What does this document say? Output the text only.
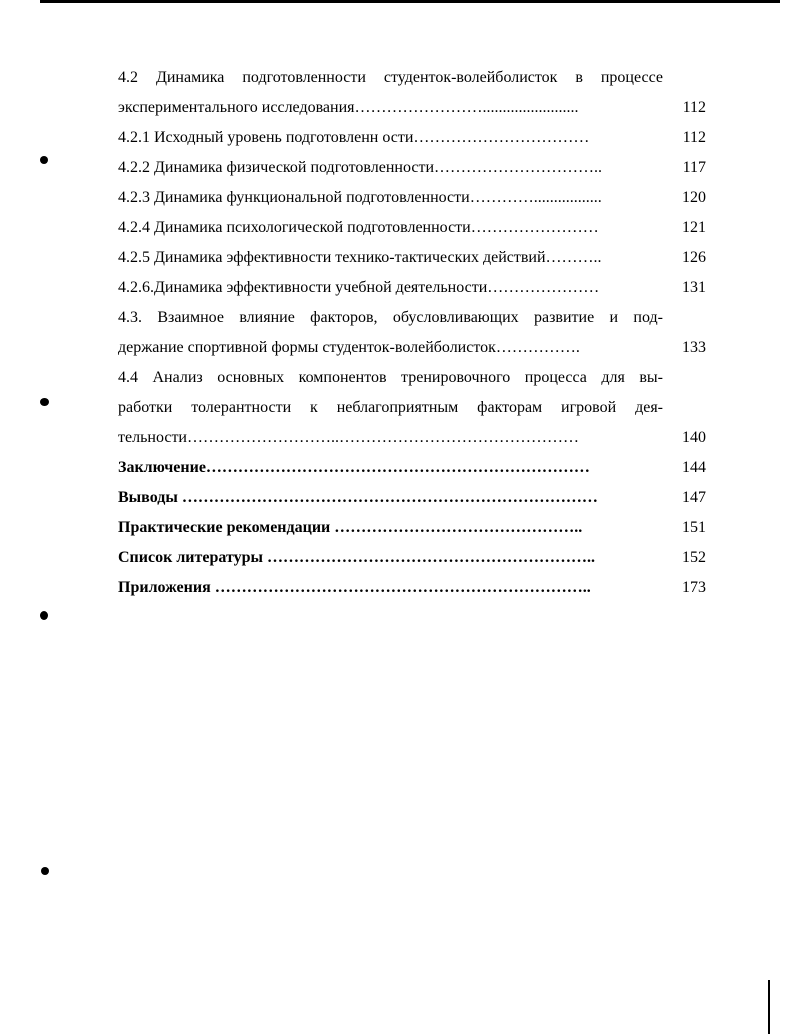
4.2 Динамика подготовленности студенток-волейболисток в процессе
экспериментального исследования……………………........................	112
4.2.1 Исходный уровень подготовленн ости……………………………	112
4.2.2 Динамика физической подготовленности…………………………..	117
4.2.3 Динамика функциональной подготовленности………….................	120
4.2.4 Динамика психологической подготовленности……………………	121
4.2.5 Динамика эффективности технико-тактических действий………..	126
4.2.6.Динамика эффективности учебной деятельности…………………	131
4.3. Взаимное влияние факторов, обусловливающих развитие и под-
держание спортивной формы студенток-волейболисток…………….	133
4.4 Анализ основных компонентов тренировочного процесса для вы-
работки толерантности к неблагоприятным факторам игровой дея-
тельности………………………..………………………………………	140
Заключение………………………………………………………………	144
Выводы ……………………………………………………………………	147
Практические рекомендации ………………………………………..	151
Список литературы ……………………………………………………..	152
Приложения ……………………………………………………………..	173
